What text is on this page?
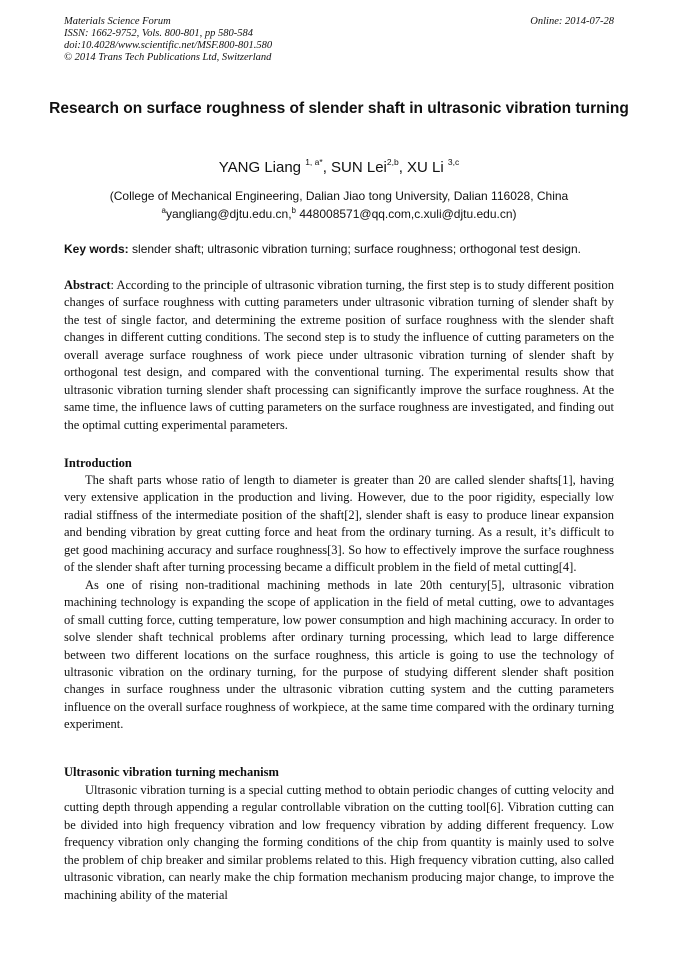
Materials Science Forum
ISSN: 1662-9752, Vols. 800-801, pp 580-584
doi:10.4028/www.scientific.net/MSF.800-801.580
© 2014 Trans Tech Publications Ltd, Switzerland
Online: 2014-07-28
Research on surface roughness of slender shaft in ultrasonic vibration turning
YANG Liang $^{1, a*}$, SUN Lei$^{2,b}$, XU Li $^{3,c}$
(College of Mechanical Engineering, Dalian Jiao tong University, Dalian 116028, China
$^a$yangliang@djtu.edu.cn,$^b$ 448008571@qq.com,c.xuli@djtu.edu.cn)
Key words: slender shaft; ultrasonic vibration turning; surface roughness; orthogonal test design.

Abstract: According to the principle of ultrasonic vibration turning, the first step is to study different position changes of surface roughness with cutting parameters under ultrasonic vibration turning of slender shaft by the test of single factor, and determining the extreme position of surface roughness with the slender shaft changes in different cutting conditions. The second step is to study the influence of cutting parameters on the overall average surface roughness of work piece under ultrasonic vibration turning of slender shaft by orthogonal test design, and compared with the conventional turning. The experimental results show that ultrasonic vibration turning slender shaft processing can significantly improve the surface roughness. At the same time, the influence laws of cutting parameters on the surface roughness are investigated, and finding out the optimal cutting experimental parameters.

Introduction

The shaft parts whose ratio of length to diameter is greater than 20 are called slender shafts[1], having very extensive application in the production and living. However, due to the poor rigidity, especially low radial stiffness of the intermediate position of the shaft[2], slender shaft is easy to produce linear expansion and bending vibration by great cutting force and heat from the ordinary turning. As a result, it’s difficult to get good machining accuracy and surface roughness[3]. So how to effectively improve the surface roughness of the slender shaft after turning processing became a difficult problem in the field of metal cutting[4].

As one of rising non-traditional machining methods in late 20th century[5], ultrasonic vibration machining technology is expanding the scope of application in the field of metal cutting, owe to advantages of small cutting force, cutting temperature, low power consumption and high machining accuracy. In order to solve slender shaft technical problems after ordinary turning processing, which lead to large difference between two different locations on the surface roughness, this article is going to use the technology of ultrasonic vibration on the ordinary turning, for the purpose of studying different slender shaft position changes in surface roughness under the ultrasonic vibration cutting system and the cutting parameters influence on the overall surface roughness of workpiece, at the same time compared with the ordinary turning experiment.

Ultrasonic vibration turning mechanism

Ultrasonic vibration turning is a special cutting method to obtain periodic changes of cutting velocity and cutting depth through appending a regular controllable vibration on the cutting tool[6]. Vibration cutting can be divided into high frequency vibration and low frequency vibration by adding different frequency. Low frequency vibration only changing the forming conditions of the chip from quantity is mainly used to solve the problem of chip breaker and similar problems related to this. High frequency vibration cutting, also called ultrasonic vibration, can nearly make the chip formation mechanism producing major change, to improve the machining ability of the material
